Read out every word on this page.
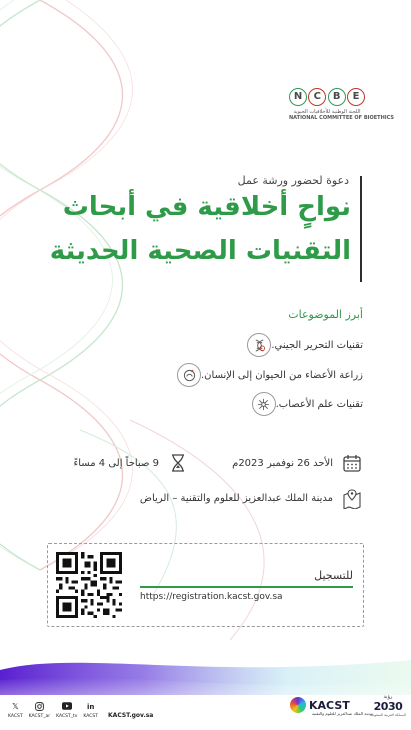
N	C	B	E
اللجنة الوطنية للأخلاقيات الحيوية
NATIONAL COMMITTEE OF BIOETHICS
دعوة لحضور ورشة عمل
نواحٍ أخلاقية في أبحاث
التقنيات الصحية الحديثة
أبرز الموضوعات
تقنيات التحرير الجيني.
زراعة الأعضاء من الحيوان إلى الإنسان.
تقنيات علم الأعصاب.
الأحد 26 نوفمبر 2023م
9 صباحاً إلى 4 مساءً
مدينة الملك عبدالعزيز للعلوم والتقنية – الرياض
للتسجيل
https://registration.kacst.gov.sa
𝕏
KACST KACST_ar KACST_tv
in
KACST KACST.gov.sa
KACST
مدينة الملك عبدالعزيز للعلوم والتقنية
رؤية
2030
المملكة العربية السعودية
